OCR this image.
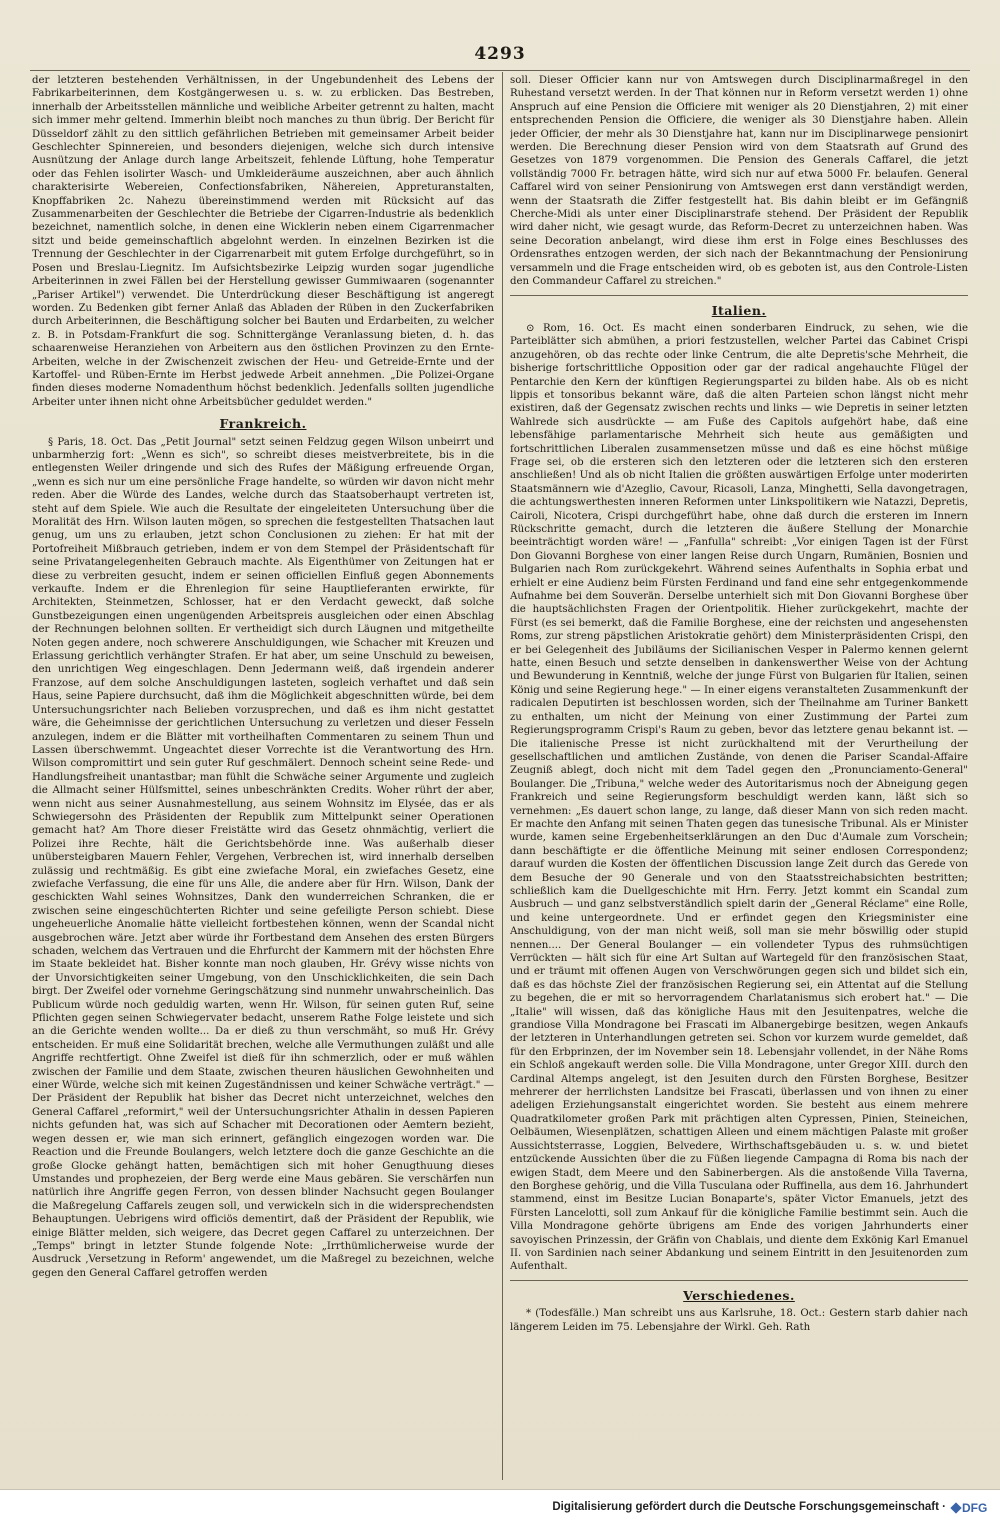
4293

der letzteren bestehenden Verhältnissen, in der Ungebundenheit des Lebens der Fabrikarbeiterinnen, dem Kostgängerwesen u. s. w. zu erblicken. Das Bestreben, innerhalb der Arbeitsstellen männliche und weibliche Arbeiter getrennt zu halten, macht sich immer mehr geltend. Immerhin bleibt noch manches zu thun übrig. Der Bericht für Düsseldorf zählt zu den sittlich gefährlichen Betrieben mit gemeinsamer Arbeit beider Geschlechter Spinnereien, und besonders diejenigen, welche sich durch intensive Ausnützung der Anlage durch lange Arbeitszeit, fehlende Lüftung, hohe Temperatur oder das Fehlen isolirter Wasch- und Umkleideräume auszeichnen, aber auch ähnlich charakterisirte Webereien, Confectionsfabriken, Nähereien, Appreturanstalten, Knopffabriken 2c. Nahezu übereinstimmend werden mit Rücksicht auf das Zusammenarbeiten der Geschlechter die Betriebe der Cigarren-Industrie als bedenklich bezeichnet, namentlich solche, in denen eine Wicklerin neben einem Cigarrenmacher sitzt und beide gemeinschaftlich abgelohnt werden. In einzelnen Bezirken ist die Trennung der Geschlechter in der Cigarrenarbeit mit gutem Erfolge durchgeführt, so in Posen und Breslau-Liegnitz. Im Aufsichtsbezirke Leipzig wurden sogar jugendliche Arbeiterinnen in zwei Fällen bei der Herstellung gewisser Gummiwaaren (sogenannter „Pariser Artikel") verwendet. Die Unterdrückung dieser Beschäftigung ist angeregt worden. Zu Bedenken gibt ferner Anlaß das Abladen der Rüben in den Zuckerfabriken durch Arbeiterinnen, die Beschäftigung solcher bei Bauten und Erdarbeiten, zu welcher z. B. in Potsdam-Frankfurt die sog. Schnittergänge Veranlassung bieten, d. h. das schaarenweise Heranziehen von Arbeitern aus den östlichen Provinzen zu den Ernte-Arbeiten, welche in der Zwischenzeit zwischen der Heu- und Getreide-Ernte und der Kartoffel- und Rüben-Ernte im Herbst jedwede Arbeit annehmen. „Die Polizei-Organe finden dieses moderne Nomadenthum höchst bedenklich. Jedenfalls sollten jugendliche Arbeiter unter ihnen nicht ohne Arbeitsbücher geduldet werden."

Frankreich.

§ Paris, 18. Oct. Das „Petit Journal" setzt seinen Feldzug gegen Wilson unbeirrt und unbarmherzig fort: „Wenn es sich", so schreibt dieses meistverbreitete, bis in die entlegensten Weiler dringende und sich des Rufes der Mäßigung erfreuende Organ, „wenn es sich nur um eine persönliche Frage handelte, so würden wir davon nicht mehr reden. Aber die Würde des Landes, welche durch das Staatsoberhaupt vertreten ist, steht auf dem Spiele. Wie auch die Resultate der eingeleiteten Untersuchung über die Moralität des Hrn. Wilson lauten mögen, so sprechen die festgestellten Thatsachen laut genug, um uns zu erlauben, jetzt schon Conclusionen zu ziehen: Er hat mit der Portofreiheit Mißbrauch getrieben, indem er von dem Stempel der Präsidentschaft für seine Privatangelegenheiten Gebrauch machte. Als Eigenthümer von Zeitungen hat er diese zu verbreiten gesucht, indem er seinen officiellen Einfluß gegen Abonnements verkaufte. Indem er die Ehrenlegion für seine Hauptlieferanten erwirkte, für Architekten, Steinmetzen, Schlosser, hat er den Verdacht geweckt, daß solche Gunstbezeigungen einen ungenügenden Arbeitspreis ausgleichen oder einen Abschlag der Rechnungen belohnen sollten. Er vertheidigt sich durch Läugnen und mitgetheilte Noten gegen andere, noch schwerere Anschuldigungen, wie Schacher mit Kreuzen und Erlassung gerichtlich verhängter Strafen. Er hat aber, um seine Unschuld zu beweisen, den unrichtigen Weg eingeschlagen. Denn Jedermann weiß, daß irgendein anderer Franzose, auf dem solche Anschuldigungen lasteten, sogleich verhaftet und daß sein Haus, seine Papiere durchsucht, daß ihm die Möglichkeit abgeschnitten würde, bei dem Untersuchungsrichter nach Belieben vorzusprechen, und daß es ihm nicht gestattet wäre, die Geheimnisse der gerichtlichen Untersuchung zu verletzen und dieser Fesseln anzulegen, indem er die Blätter mit vortheilhaften Commentaren zu seinem Thun und Lassen überschwemmt. Ungeachtet dieser Vorrechte ist die Verantwortung des Hrn. Wilson compromittirt und sein guter Ruf geschmälert. Dennoch scheint seine Rede- und Handlungsfreiheit unantastbar; man fühlt die Schwäche seiner Argumente und zugleich die Allmacht seiner Hülfsmittel, seines unbeschränkten Credits. Woher rührt der aber, wenn nicht aus seiner Ausnahmestellung, aus seinem Wohnsitz im Elysée, das er als Schwiegersohn des Präsidenten der Republik zum Mittelpunkt seiner Operationen gemacht hat? Am Thore dieser Freistätte wird das Gesetz ohnmächtig, verliert die Polizei ihre Rechte, hält die Gerichtsbehörde inne. Was außerhalb dieser unübersteigbaren Mauern Fehler, Vergehen, Verbrechen ist, wird innerhalb derselben zulässig und rechtmäßig. Es gibt eine zwiefache Moral, ein zwiefaches Gesetz, eine zwiefache Verfassung, die eine für uns Alle, die andere aber für Hrn. Wilson, Dank der geschickten Wahl seines Wohnsitzes, Dank den wunderreichen Schranken, die er zwischen seine eingeschüchterten Richter und seine gefeiligte Person schiebt. Diese ungeheuerliche Anomalie hätte vielleicht fortbestehen können, wenn der Scandal nicht ausgebrochen wäre. Jetzt aber würde ihr Fortbestand dem Ansehen des ersten Bürgers schaden, welchem das Vertrauen und die Ehrfurcht der Kammern mit der höchsten Ehre im Staate bekleidet hat. Bisher konnte man noch glauben, Hr. Grévy wisse nichts von der Unvorsichtigkeiten seiner Umgebung, von den Unschicklichkeiten, die sein Dach birgt. Der Zweifel oder vornehme Geringschätzung sind nunmehr unwahrscheinlich. Das Publicum würde noch geduldig warten, wenn Hr. Wilson, für seinen guten Ruf, seine Pflichten gegen seinen Schwiegervater bedacht, unserem Rathe Folge leistete und sich an die Gerichte wenden wollte... Da er dieß zu thun verschmäht, so muß Hr. Grévy entscheiden. Er muß eine Solidarität brechen, welche alle Vermuthungen zuläßt und alle Angriffe rechtfertigt. Ohne Zweifel ist dieß für ihn schmerzlich, oder er muß wählen zwischen der Familie und dem Staate, zwischen theuren häuslichen Gewohnheiten und einer Würde, welche sich mit keinen Zugeständnissen und keiner Schwäche verträgt." — Der Präsident der Republik hat bisher das Decret nicht unterzeichnet, welches den General Caffarel „reformirt," weil der Untersuchungsrichter Athalin in dessen Papieren nichts gefunden hat, was sich auf Schacher mit Decorationen oder Aemtern bezieht, wegen dessen er, wie man sich erinnert, gefänglich eingezogen worden war. Die Reaction und die Freunde Boulangers, welch letztere doch die ganze Geschichte an die große Glocke gehängt hatten, bemächtigen sich mit hoher Genugthuung dieses Umstandes und prophezeien, der Berg werde eine Maus gebären. Sie verschärfen nun natürlich ihre Angriffe gegen Ferron, von dessen blinder Nachsucht gegen Boulanger die Maßregelung Caffarels zeugen soll, und verwickeln sich in die widersprechendsten Behauptungen. Uebrigens wird officiös dementirt, daß der Präsident der Republik, wie einige Blätter melden, sich weigere, das Decret gegen Caffarel zu unterzeichnen. Der „Temps" bringt in letzter Stunde folgende Note: „Irrthümlicherweise wurde der Ausdruck ‚Versetzung in Reform' angewendet, um die Maßregel zu bezeichnen, welche gegen den General Caffarel getroffen werden

soll. Dieser Officier kann nur von Amtswegen durch Disciplinarmaßregel in den Ruhestand versetzt werden. In der That können nur in Reform versetzt werden 1) ohne Anspruch auf eine Pension die Officiere mit weniger als 20 Dienstjahren, 2) mit einer entsprechenden Pension die Officiere, die weniger als 30 Dienstjahre haben. Allein jeder Officier, der mehr als 30 Dienstjahre hat, kann nur im Disciplinarwege pensionirt werden. Die Berechnung dieser Pension wird von dem Staatsrath auf Grund des Gesetzes von 1879 vorgenommen. Die Pension des Generals Caffarel, die jetzt vollständig 7000 Fr. betragen hätte, wird sich nur auf etwa 5000 Fr. belaufen. General Caffarel wird von seiner Pensionirung von Amtswegen erst dann verständigt werden, wenn der Staatsrath die Ziffer festgestellt hat. Bis dahin bleibt er im Gefängniß Cherche-Midi als unter einer Disciplinarstrafe stehend. Der Präsident der Republik wird daher nicht, wie gesagt wurde, das Reform-Decret zu unterzeichnen haben. Was seine Decoration anbelangt, wird diese ihm erst in Folge eines Beschlusses des Ordensrathes entzogen werden, der sich nach der Bekanntmachung der Pensionirung versammeln und die Frage entscheiden wird, ob es geboten ist, aus den Controle-Listen den Commandeur Caffarel zu streichen."

Italien.

⊙ Rom, 16. Oct. Es macht einen sonderbaren Eindruck, zu sehen, wie die Parteiblätter sich abmühen, a priori festzustellen, welcher Partei das Cabinet Crispi anzugehören, ob das rechte oder linke Centrum, die alte Depretis'sche Mehrheit, die bisherige fortschrittliche Opposition oder gar der radical angehauchte Flügel der Pentarchie den Kern der künftigen Regierungspartei zu bilden habe. Als ob es nicht lippis et tonsoribus bekannt wäre, daß die alten Parteien schon längst nicht mehr existiren, daß der Gegensatz zwischen rechts und links — wie Depretis in seiner letzten Wahlrede sich ausdrückte — am Fuße des Capitols aufgehört habe, daß eine lebensfähige parlamentarische Mehrheit sich heute aus gemäßigten und fortschrittlichen Liberalen zusammensetzen müsse und daß es eine höchst müßige Frage sei, ob die ersteren sich den letzteren oder die letzteren sich den ersteren anschließen! Und als ob nicht Italien die größten auswärtigen Erfolge unter moderirten Staatsmännern wie d'Azeglio, Cavour, Ricasoli, Lanza, Minghetti, Sella davongetragen, die achtungswerthesten inneren Reformen unter Linkspolitikern wie Natazzi, Depretis, Cairoli, Nicotera, Crispi durchgeführt habe, ohne daß durch die ersteren im Innern Rückschritte gemacht, durch die letzteren die äußere Stellung der Monarchie beeinträchtigt worden wäre! — „Fanfulla" schreibt: „Vor einigen Tagen ist der Fürst Don Giovanni Borghese von einer langen Reise durch Ungarn, Rumänien, Bosnien und Bulgarien nach Rom zurückgekehrt. Während seines Aufenthalts in Sophia erbat und erhielt er eine Audienz beim Fürsten Ferdinand und fand eine sehr entgegenkommende Aufnahme bei dem Souverän. Derselbe unterhielt sich mit Don Giovanni Borghese über die hauptsächlichsten Fragen der Orientpolitik. Hieher zurückgekehrt, machte der Fürst (es sei bemerkt, daß die Familie Borghese, eine der reichsten und angesehensten Roms, zur streng päpstlichen Aristokratie gehört) dem Ministerpräsidenten Crispi, den er bei Gelegenheit des Jubiläums der Sicilianischen Vesper in Palermo kennen gelernt hatte, einen Besuch und setzte denselben in dankenswerther Weise von der Achtung und Bewunderung in Kenntniß, welche der junge Fürst von Bulgarien für Italien, seinen König und seine Regierung hege." — In einer eigens veranstalteten Zusammenkunft der radicalen Deputirten ist beschlossen worden, sich der Theilnahme am Turiner Bankett zu enthalten, um nicht der Meinung von einer Zustimmung der Partei zum Regierungsprogramm Crispi's Raum zu geben, bevor das letztere genau bekannt ist. — Die italienische Presse ist nicht zurückhaltend mit der Verurtheilung der gesellschaftlichen und amtlichen Zustände, von denen die Pariser Scandal-Affaire Zeugniß ablegt, doch nicht mit dem Tadel gegen den „Pronunciamento-General" Boulanger. Die „Tribuna," welche weder des Autoritarismus noch der Abneigung gegen Frankreich und seine Regierungsform beschuldigt werden kann, läßt sich so vernehmen: „Es dauert schon lange, zu lange, daß dieser Mann von sich reden macht. Er machte den Anfang mit seinen Thaten gegen das tunesische Tribunal. Als er Minister wurde, kamen seine Ergebenheitserklärungen an den Duc d'Aumale zum Vorschein; dann beschäftigte er die öffentliche Meinung mit seiner endlosen Correspondenz; darauf wurden die Kosten der öffentlichen Discussion lange Zeit durch das Gerede von dem Besuche der 90 Generale und von den Staatsstreichabsichten bestritten; schließlich kam die Duellgeschichte mit Hrn. Ferry. Jetzt kommt ein Scandal zum Ausbruch — und ganz selbstverständlich spielt darin der „General Réclame" eine Rolle, und keine untergeordnete. Und er erfindet gegen den Kriegsminister eine Anschuldigung, von der man nicht weiß, soll man sie mehr böswillig oder stupid nennen.... Der General Boulanger — ein vollendeter Typus des ruhmsüchtigen Verrückten — hält sich für eine Art Sultan auf Wartegeld für den französischen Staat, und er träumt mit offenen Augen von Verschwörungen gegen sich und bildet sich ein, daß es das höchste Ziel der französischen Regierung sei, ein Attentat auf die Stellung zu begehen, die er mit so hervorragendem Charlatanismus sich erobert hat." — Die „Italie" will wissen, daß das königliche Haus mit den Jesuitenpatres, welche die grandiose Villa Mondragone bei Frascati im Albanergebirge besitzen, wegen Ankaufs der letzteren in Unterhandlungen getreten sei. Schon vor kurzem wurde gemeldet, daß für den Erbprinzen, der im November sein 18. Lebensjahr vollendet, in der Nähe Roms ein Schloß angekauft werden solle. Die Villa Mondragone, unter Gregor XIII. durch den Cardinal Altemps angelegt, ist den Jesuiten durch den Fürsten Borghese, Besitzer mehrerer der herrlichsten Landsitze bei Frascati, überlassen und von ihnen zu einer adeligen Erziehungsanstalt eingerichtet worden. Sie besteht aus einem mehrere Quadratkilometer großen Park mit prächtigen alten Cypressen, Pinien, Steineichen, Oelbäumen, Wiesenplätzen, schattigen Alleen und einem mächtigen Palaste mit großer Aussichtsterrasse, Loggien, Belvedere, Wirthschaftsgebäuden u. s. w. und bietet entzückende Aussichten über die zu Füßen liegende Campagna di Roma bis nach der ewigen Stadt, dem Meere und den Sabinerbergen. Als die anstoßende Villa Taverna, den Borghese gehörig, und die Villa Tusculana oder Ruffinella, aus dem 16. Jahrhundert stammend, einst im Besitze Lucian Bonaparte's, später Victor Emanuels, jetzt des Fürsten Lancelotti, soll zum Ankauf für die königliche Familie bestimmt sein. Auch die Villa Mondragone gehörte übrigens am Ende des vorigen Jahrhunderts einer savoyischen Prinzessin, der Gräfin von Chablais, und diente dem Exkönig Karl Emanuel II. von Sardinien nach seiner Abdankung und seinem Eintritt in den Jesuitenorden zum Aufenthalt.

Verschiedenes.

* (Todesfälle.) Man schreibt uns aus Karlsruhe, 18. Oct.: Gestern starb dahier nach längerem Leiden im 75. Lebensjahre der Wirkl. Geh. Rath

Digitalisierung gefördert durch die Deutsche Forschungsgemeinschaft · DFG
